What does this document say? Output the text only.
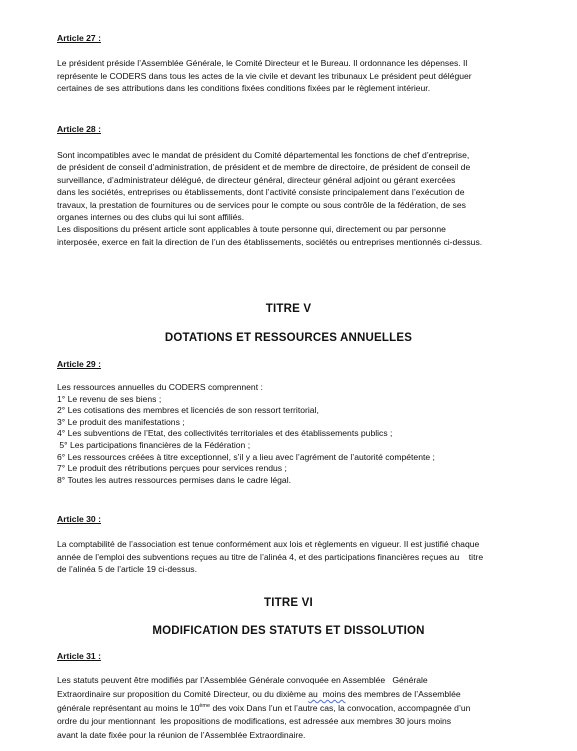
Article 27 :
Le président préside l’Assemblée Générale, le Comité Directeur et le Bureau. Il ordonnance les dépenses. Il
représente le CODERS dans tous les actes de la vie civile et devant les tribunaux Le président peut déléguer
certaines de ses attributions dans les conditions fixées conditions fixées par le règlement intérieur.
Article 28 :
Sont incompatibles avec le mandat de président du Comité départemental les fonctions de chef d’entreprise,
de président de conseil d’administration, de président et de membre de directoire, de président de conseil de
surveillance, d’administrateur délégué, de directeur général, directeur général adjoint ou gérant exercées
dans les sociétés, entreprises ou établissements, dont l’activité consiste principalement dans l’exécution de
travaux, la prestation de fournitures ou de services pour le compte ou sous contrôle de la fédération, de ses
organes internes ou des clubs qui lui sont affiliés.
Les dispositions du présent article sont applicables à toute personne qui, directement ou par personne
interposée, exerce en fait la direction de l’un des établissements, sociétés ou entreprises mentionnés ci-dessus.
TITRE V
DOTATIONS ET RESSOURCES ANNUELLES
Article 29 :
Les ressources annuelles du CODERS comprennent :
1° Le revenu de ses biens ;
2° Les cotisations des membres et licenciés de son ressort territorial,
3° Le produit des manifestations ;
4° Les subventions de l’Etat, des collectivités territoriales et des établissements publics ;
5° Les participations financières de la Fédération ;
6° Les ressources créées à titre exceptionnel, s’il y a lieu avec l’agrément de l’autorité compétente ;
7° Le produit des rétributions perçues pour services rendus ;
8° Toutes les autres ressources permises dans le cadre légal.
Article 30 :
La comptabilité de l’association est tenue conformément aux lois et règlements en vigueur. Il est justifié chaque
année de l’emploi des subventions reçues au titre de l’alinéa 4, et des participations financières reçues au    titre
de l’alinéa 5 de l’article 19 ci-dessus.
TITRE VI
MODIFICATION DES STATUTS ET DISSOLUTION
Article 31 :
Les statuts peuvent être modifiés par l’Assemblée Générale convoquée en Assemblée   Générale
Extraordinaire sur proposition du Comité Directeur, ou du dixième au  moins des membres de l’Assemblée
générale représentant au moins le 10ème des voix Dans l’un et l’autre cas, la convocation, accompagnée d’un
ordre du jour mentionnant  les propositions de modifications, est adressée aux membres 30 jours moins
avant la date fixée pour la réunion de l’Assemblée Extraordinaire.
